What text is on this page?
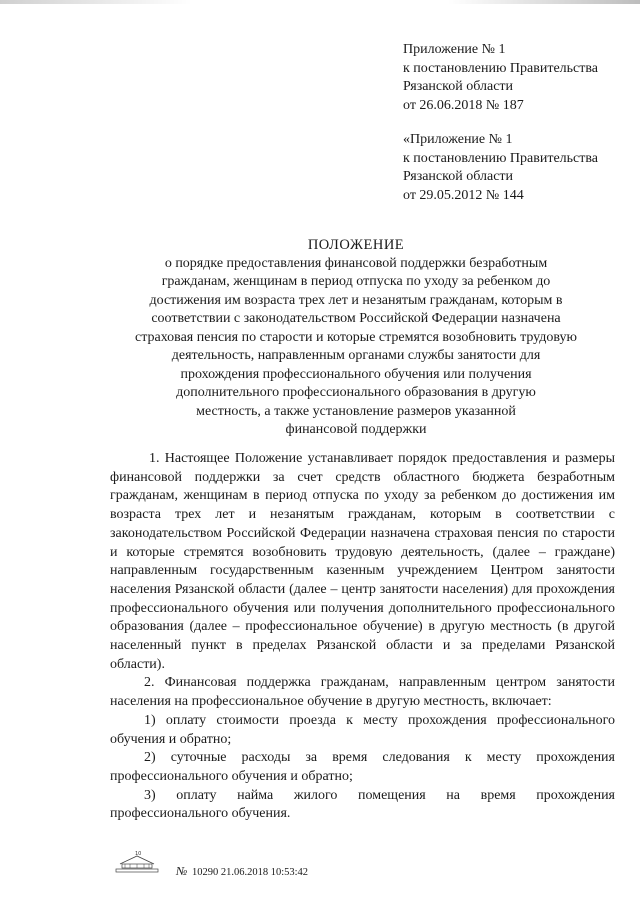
Приложение № 1
к постановлению Правительства
Рязанской области
от 26.06.2018 № 187
«Приложение № 1
к постановлению Правительства
Рязанской области
от 29.05.2012 № 144
ПОЛОЖЕНИЕ
о порядке предоставления финансовой поддержки безработным
гражданам, женщинам в период отпуска по уходу за ребенком до
достижения им возраста трех лет и незанятым гражданам, которым в
соответствии с законодательством Российской Федерации назначена
страховая пенсия по старости и которые стремятся возобновить трудовую
деятельность, направленным органами службы занятости для
прохождения профессионального обучения или получения
дополнительного профессионального образования в другую
местность, а также установление размеров указанной
финансовой поддержки

1. Настоящее Положение устанавливает порядок предоставления и размеры финансовой поддержки за счет средств областного бюджета безработным гражданам, женщинам в период отпуска по уходу за ребенком до достижения им возраста трех лет и незанятым гражданам, которым в соответствии с законодательством Российской Федерации назначена страховая пенсия по старости и которые стремятся возобновить трудовую деятельность, (далее – граждане) направленным государственным казенным учреждением Центром занятости населения Рязанской области (далее – центр занятости населения) для прохождения профессионального обучения или получения дополнительного профессионального образования (далее – профессиональное обучение) в другую местность (в другой населенный пункт в пределах Рязанской области и за пределами Рязанской области).

2. Финансовая поддержка гражданам, направленным центром занятости населения на профессиональное обучение в другую местность, включает:

1) оплату стоимости проезда к месту прохождения профессионального обучения и обратно;

2) суточные расходы за время следования к месту прохождения профессионального обучения и обратно;

3) оплату найма жилого помещения на время прохождения профессионального обучения.

10
№ 10290 21.06.2018 10:53:42
